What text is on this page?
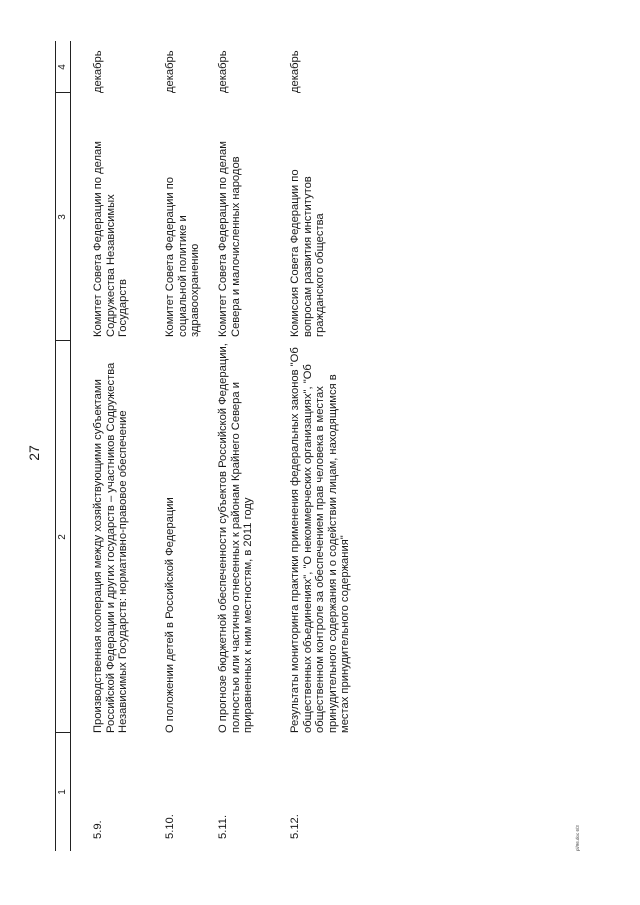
27
1
2
3
4
5.9.
Производственная кооперация между хозяйствующими субъектами Российской Федерации и других государств – участников Содружества Независимых Государств: нормативно-правовое обеспечение
Комитет Совета Федерации по делам Содружества Независимых Государств
декабрь
5.10.
О положении детей в Российской Федерации
Комитет Совета Федерации по социальной политике и здравоохранению
декабрь
5.11.
О прогнозе бюджетной обеспеченности субъектов Российской Федерации, полностью или частично отнесенных к районам Крайнего Севера и приравненных к ним местностям, в 2011 году
Комитет Совета Федерации по делам Севера и малочисленных народов
декабрь
5.12.
Результаты мониторинга практики применения федеральных законов "Об общественных объединениях", "О некоммерческих организациях", "Об общественном контроле за обеспечением прав человека в местах принудительного содержания и о содействии лицам, находящимся в местах принудительного содержания"
Комиссия Совета Федерации по вопросам развития институтов гражданского общества
декабрь
pl/96.doc 6/3
